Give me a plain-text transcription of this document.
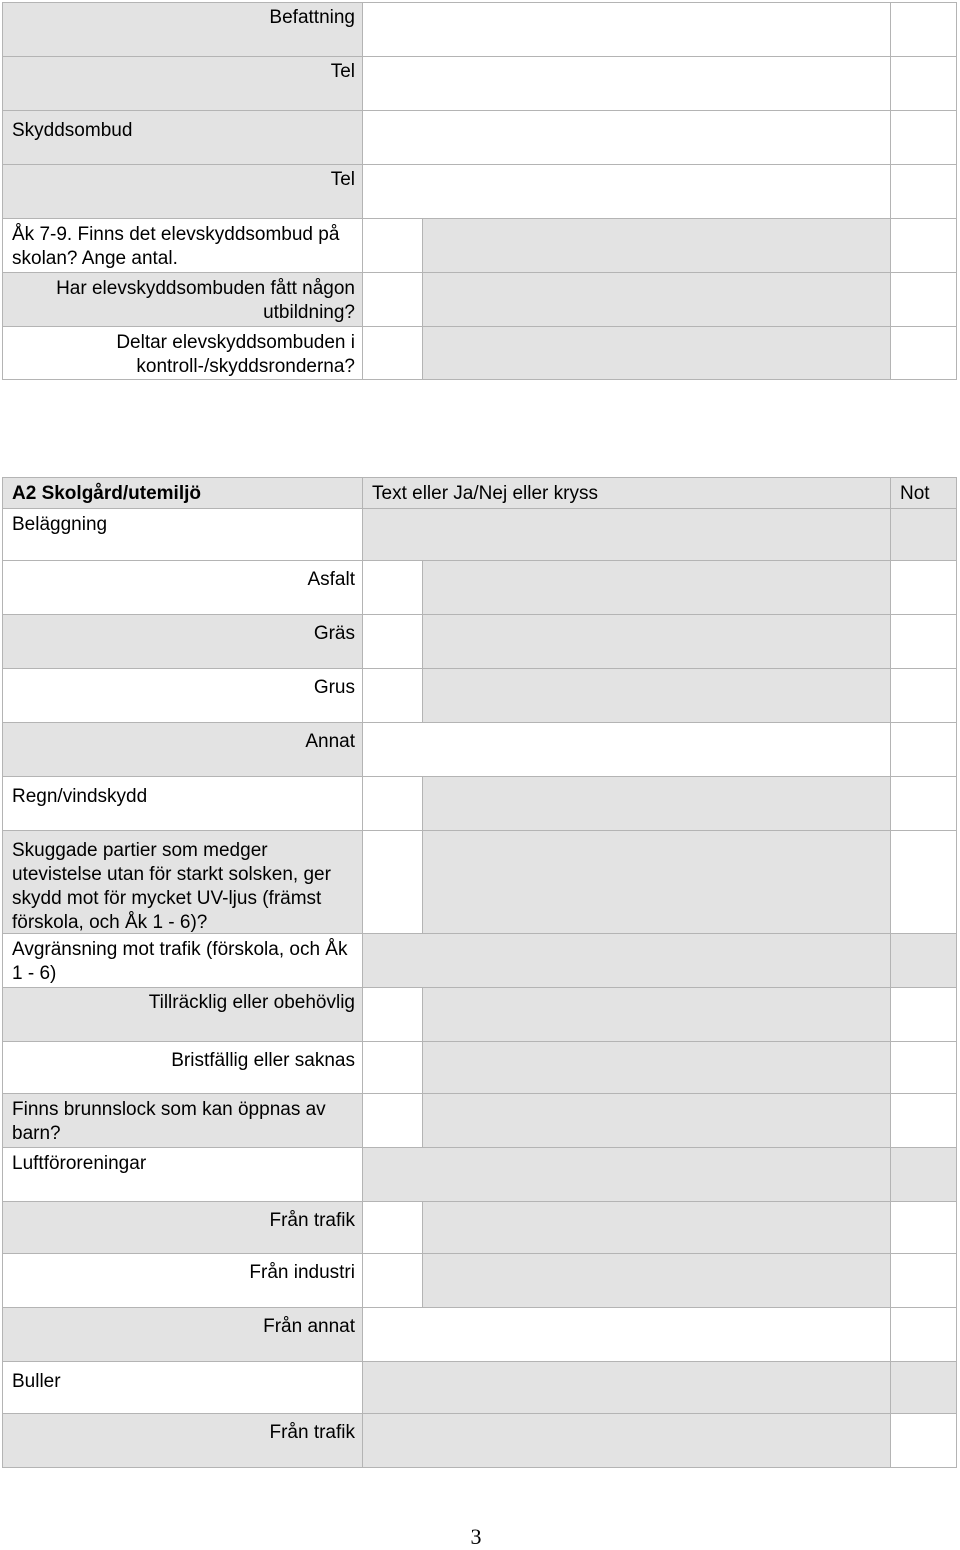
Befattning
Tel
Skyddsombud
Tel
Åk 7-9. Finns det elevskyddsombud på skolan? Ange antal.
Har elevskyddsombuden fått någon utbildning?
Deltar elevskyddsombuden i kontroll-/skyddsronderna?
A2 Skolgård/utemiljö	Text eller Ja/Nej eller kryss	Not
Beläggning
Asfalt
Gräs
Grus
Annat
Regn/vindskydd
Skuggade partier som medger utevistelse utan för starkt solsken, ger skydd mot för mycket UV-ljus (främst förskola, och Åk 1 - 6)?
Avgränsning mot trafik (förskola, och Åk 1 - 6)
Tillräcklig eller obehövlig
Bristfällig eller saknas
Finns brunnslock som kan öppnas av barn?
Luftföroreningar
Från trafik
Från industri
Från annat
Buller
Från trafik
3
